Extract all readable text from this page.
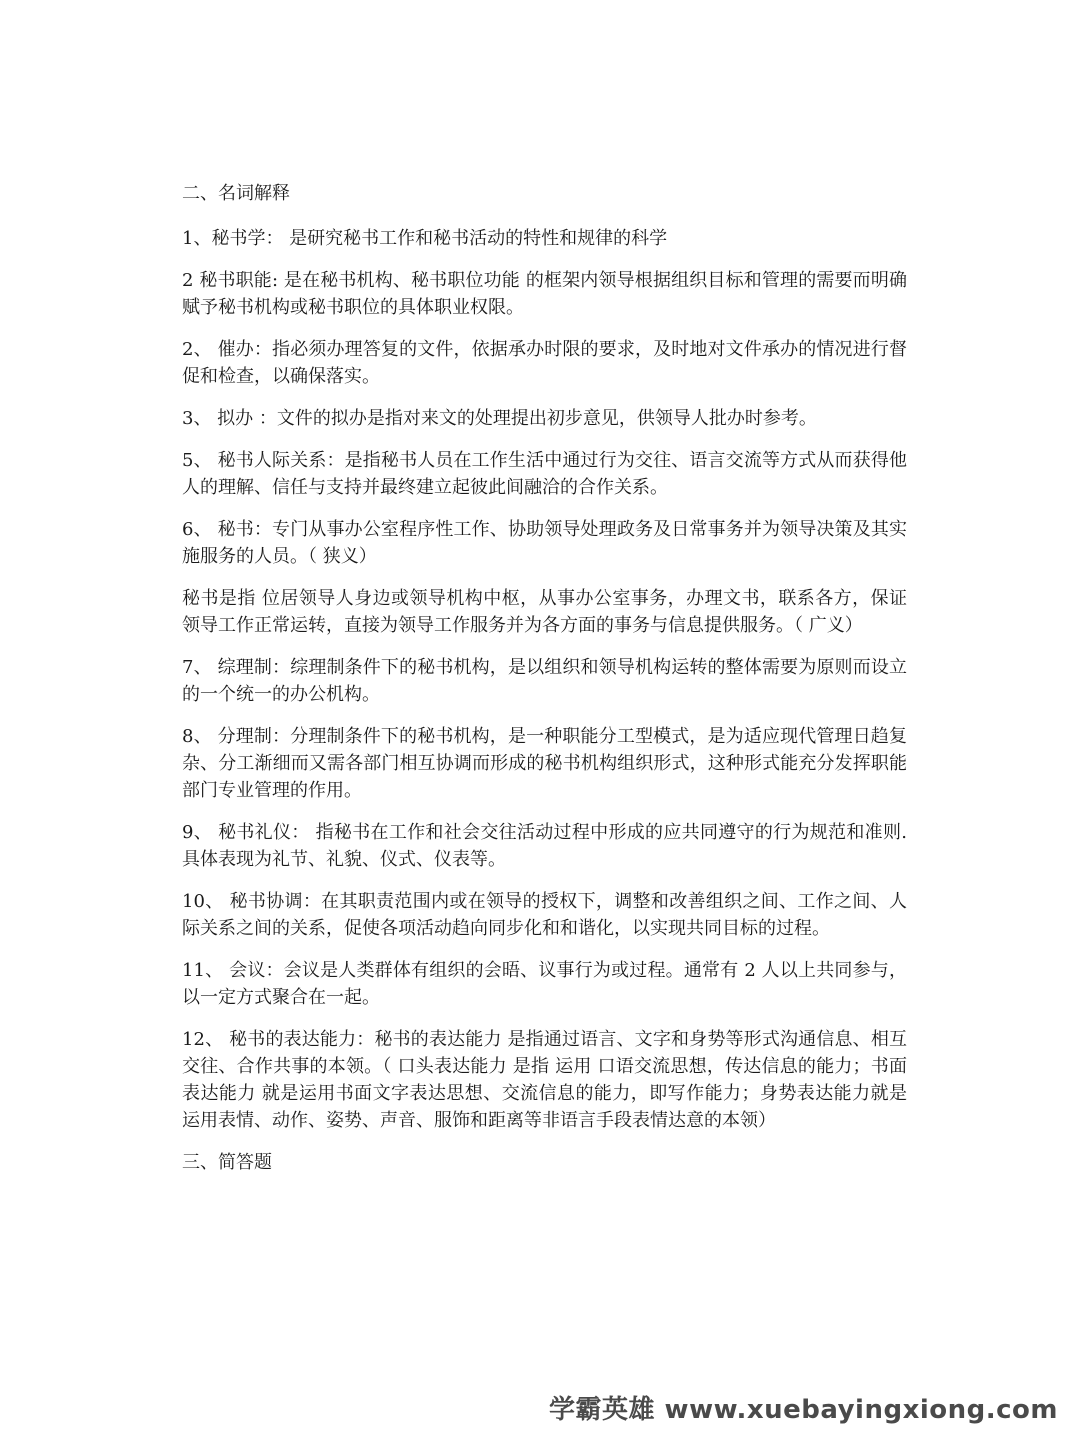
二、名词解释

1、秘书学： 是研究秘书工作和秘书活动的特性和规律的科学

2 秘书职能: 是在秘书机构、秘书职位功能 的框架内领导根据组织目标和管理的需要而明确赋予秘书机构或秘书职位的具体职业权限。

2、 催办：指必须办理答复的文件，依据承办时限的要求，及时地对文件承办的情况进行督促和检查，以确保落实。

3、 拟办 ：文件的拟办是指对来文的处理提出初步意见，供领导人批办时参考。

5、 秘书人际关系：是指秘书人员在工作生活中通过行为交往、语言交流等方式从而获得他人的理解、信任与支持并最终建立起彼此间融洽的合作关系。

6、 秘书：专门从事办公室程序性工作、协助领导处理政务及日常事务并为领导决策及其实施服务的人员。（ 狭义）

秘书是指 位居领导人身边或领导机构中枢，从事办公室事务，办理文书，联系各方，保证领导工作正常运转，直接为领导工作服务并为各方面的事务与信息提供服务。（ 广义）

7、 综理制：综理制条件下的秘书机构，是以组织和领导机构运转的整体需要为原则而设立的一个统一的办公机构。

8、 分理制：分理制条件下的秘书机构，是一种职能分工型模式，是为适应现代管理日趋复杂、分工渐细而又需各部门相互协调而形成的秘书机构组织形式，这种形式能充分发挥职能部门专业管理的作用。

9、 秘书礼仪： 指秘书在工作和社会交往活动过程中形成的应共同遵守的行为规范和准则.具体表现为礼节、礼貌、仪式、仪表等。

10、 秘书协调：在其职责范围内或在领导的授权下，调整和改善组织之间、工作之间、人际关系之间的关系，促使各项活动趋向同步化和和谐化，以实现共同目标的过程。

11、 会议：会议是人类群体有组织的会晤、议事行为或过程。通常有 2 人以上共同参与，以一定方式聚合在一起。

12、 秘书的表达能力：秘书的表达能力 是指通过语言、文字和身势等形式沟通信息、相互交往、合作共事的本领。（ 口头表达能力 是指 运用 口语交流思想，传达信息的能力；书面 表达能力 就是运用书面文字表达思想、交流信息的能力，即写作能力；身势表达能力就是运用表情、动作、姿势、声音、服饰和距离等非语言手段表情达意的本领）

三、简答题

学霸英雄 www.xuebayingxiong.com
